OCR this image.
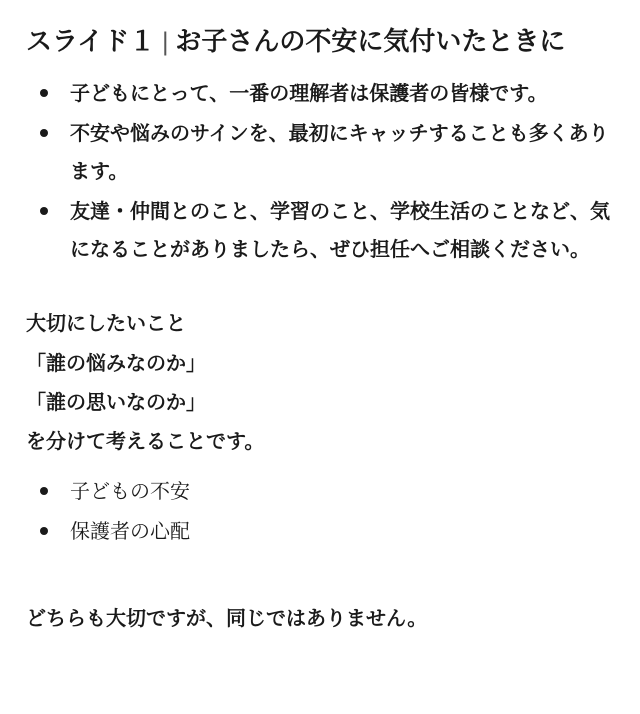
スライド１ | お子さんの不安に気付いたときに
子どもにとって、一番の理解者は保護者の皆様です。
不安や悩みのサインを、最初にキャッチすることも多くあります。
友達・仲間とのこと、学習のこと、学校生活のことなど、気になることがありましたら、ぜひ担任へご相談ください。
大切にしたいこと
「誰の悩みなのか」
「誰の思いなのか」
を分けて考えることです。
子どもの不安
保護者の心配
どちらも大切ですが、同じではありません。
